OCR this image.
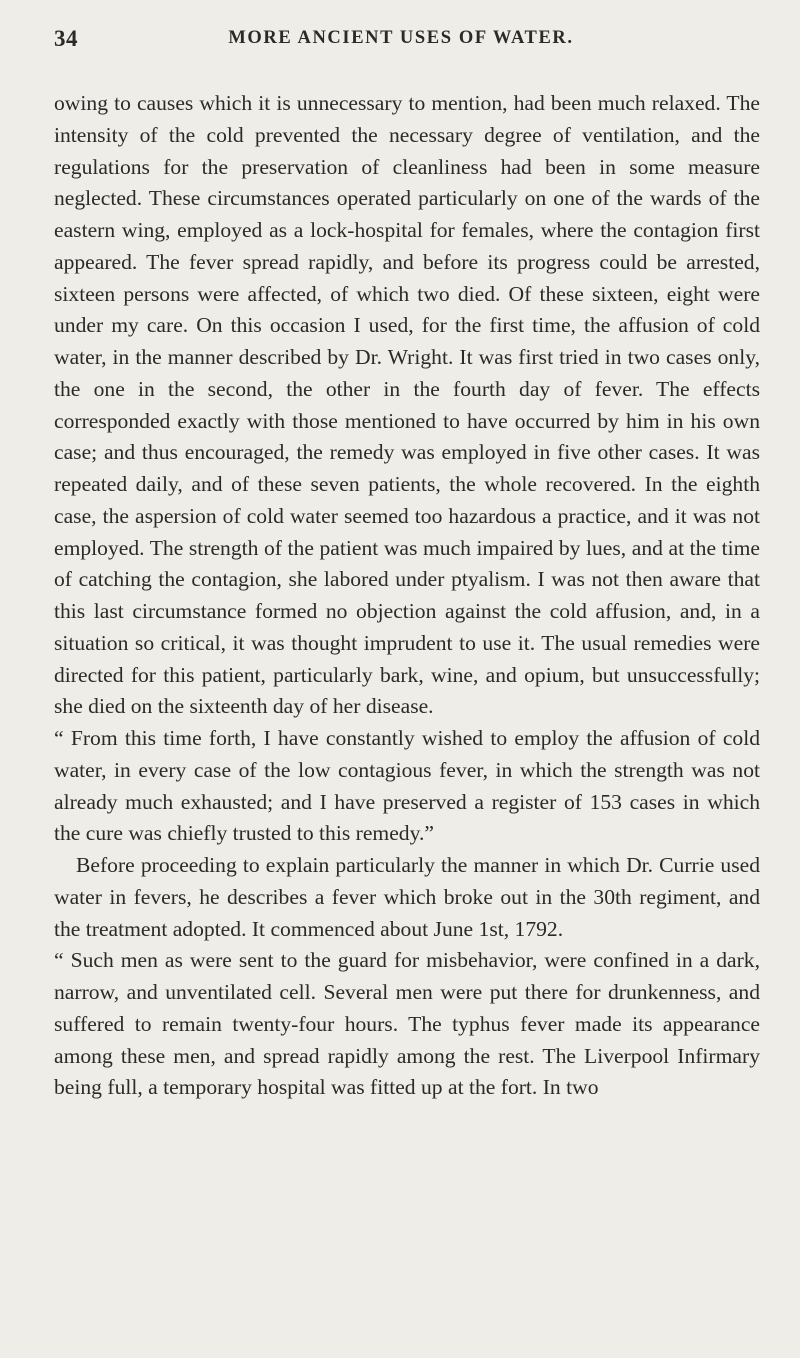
34	MORE ANCIENT USES OF WATER.

owing to causes which it is unnecessary to mention, had been much relaxed. The intensity of the cold prevented the necessary degree of ventilation, and the regulations for the preservation of cleanliness had been in some measure neglected. These circumstances operated particularly on one of the wards of the eastern wing, employed as a lock-hospital for females, where the contagion first appeared. The fever spread rapidly, and before its progress could be arrested, sixteen persons were affected, of which two died. Of these sixteen, eight were under my care. On this occasion I used, for the first time, the affusion of cold water, in the manner described by Dr. Wright. It was first tried in two cases only, the one in the second, the other in the fourth day of fever. The effects corresponded exactly with those mentioned to have occurred by him in his own case; and thus encouraged, the remedy was employed in five other cases. It was repeated daily, and of these seven patients, the whole recovered. In the eighth case, the aspersion of cold water seemed too hazardous a practice, and it was not employed. The strength of the patient was much impaired by lues, and at the time of catching the contagion, she labored under ptyalism. I was not then aware that this last circumstance formed no objection against the cold affusion, and, in a situation so critical, it was thought imprudent to use it. The usual remedies were directed for this patient, particularly bark, wine, and opium, but unsuccessfully; she died on the sixteenth day of her disease.

“ From this time forth, I have constantly wished to employ the affusion of cold water, in every case of the low contagious fever, in which the strength was not already much exhausted; and I have preserved a register of 153 cases in which the cure was chiefly trusted to this remedy.”

Before proceeding to explain particularly the manner in which Dr. Currie used water in fevers, he describes a fever which broke out in the 30th regiment, and the treatment adopted. It commenced about June 1st, 1792.

“ Such men as were sent to the guard for misbehavior, were confined in a dark, narrow, and unventilated cell. Several men were put there for drunkenness, and suffered to remain twenty-four hours. The typhus fever made its appearance among these men, and spread rapidly among the rest. The Liverpool Infirmary being full, a temporary hospital was fitted up at the fort. In two
